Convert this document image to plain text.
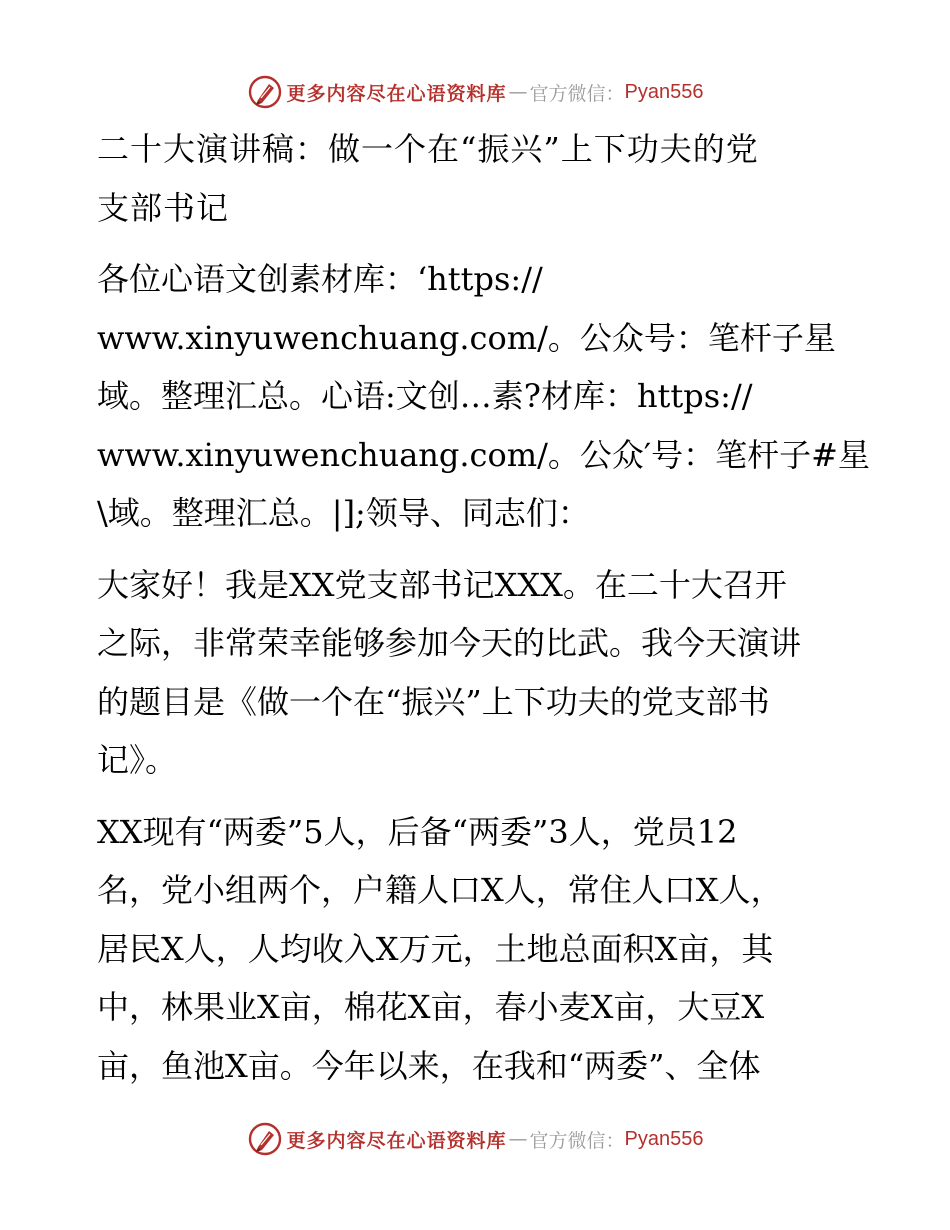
更多内容尽在心语资料库 — 官方微信： Pyan556

二十大演讲稿：做一个在“振兴”上下功夫的党
支部书记

各位心语文创素材库：‘https://
www.xinyuwenchuang.com/。公众号：笔杆子星
域。整理汇总。心语:文创…素?材库：https://
www.xinyuwenchuang.com/。公众′号：笔杆子#星
\域。整理汇总。|];领导、同志们：

大家好！我是XX党支部书记XXX。在二十大召开
之际，非常荣幸能够参加今天的比武。我今天演讲
的题目是《做一个在“振兴”上下功夫的党支部书
记》。

XX现有“两委”5人，后备“两委”3人，党员12
名，党小组两个，户籍人口X人，常住人口X人，
居民X人，人均收入X万元，土地总面积X亩，其
中，林果业X亩，棉花X亩，春小麦X亩，大豆X
亩，鱼池X亩。今年以来，在我和“两委”、全体

更多内容尽在心语资料库 — 官方微信： Pyan556
